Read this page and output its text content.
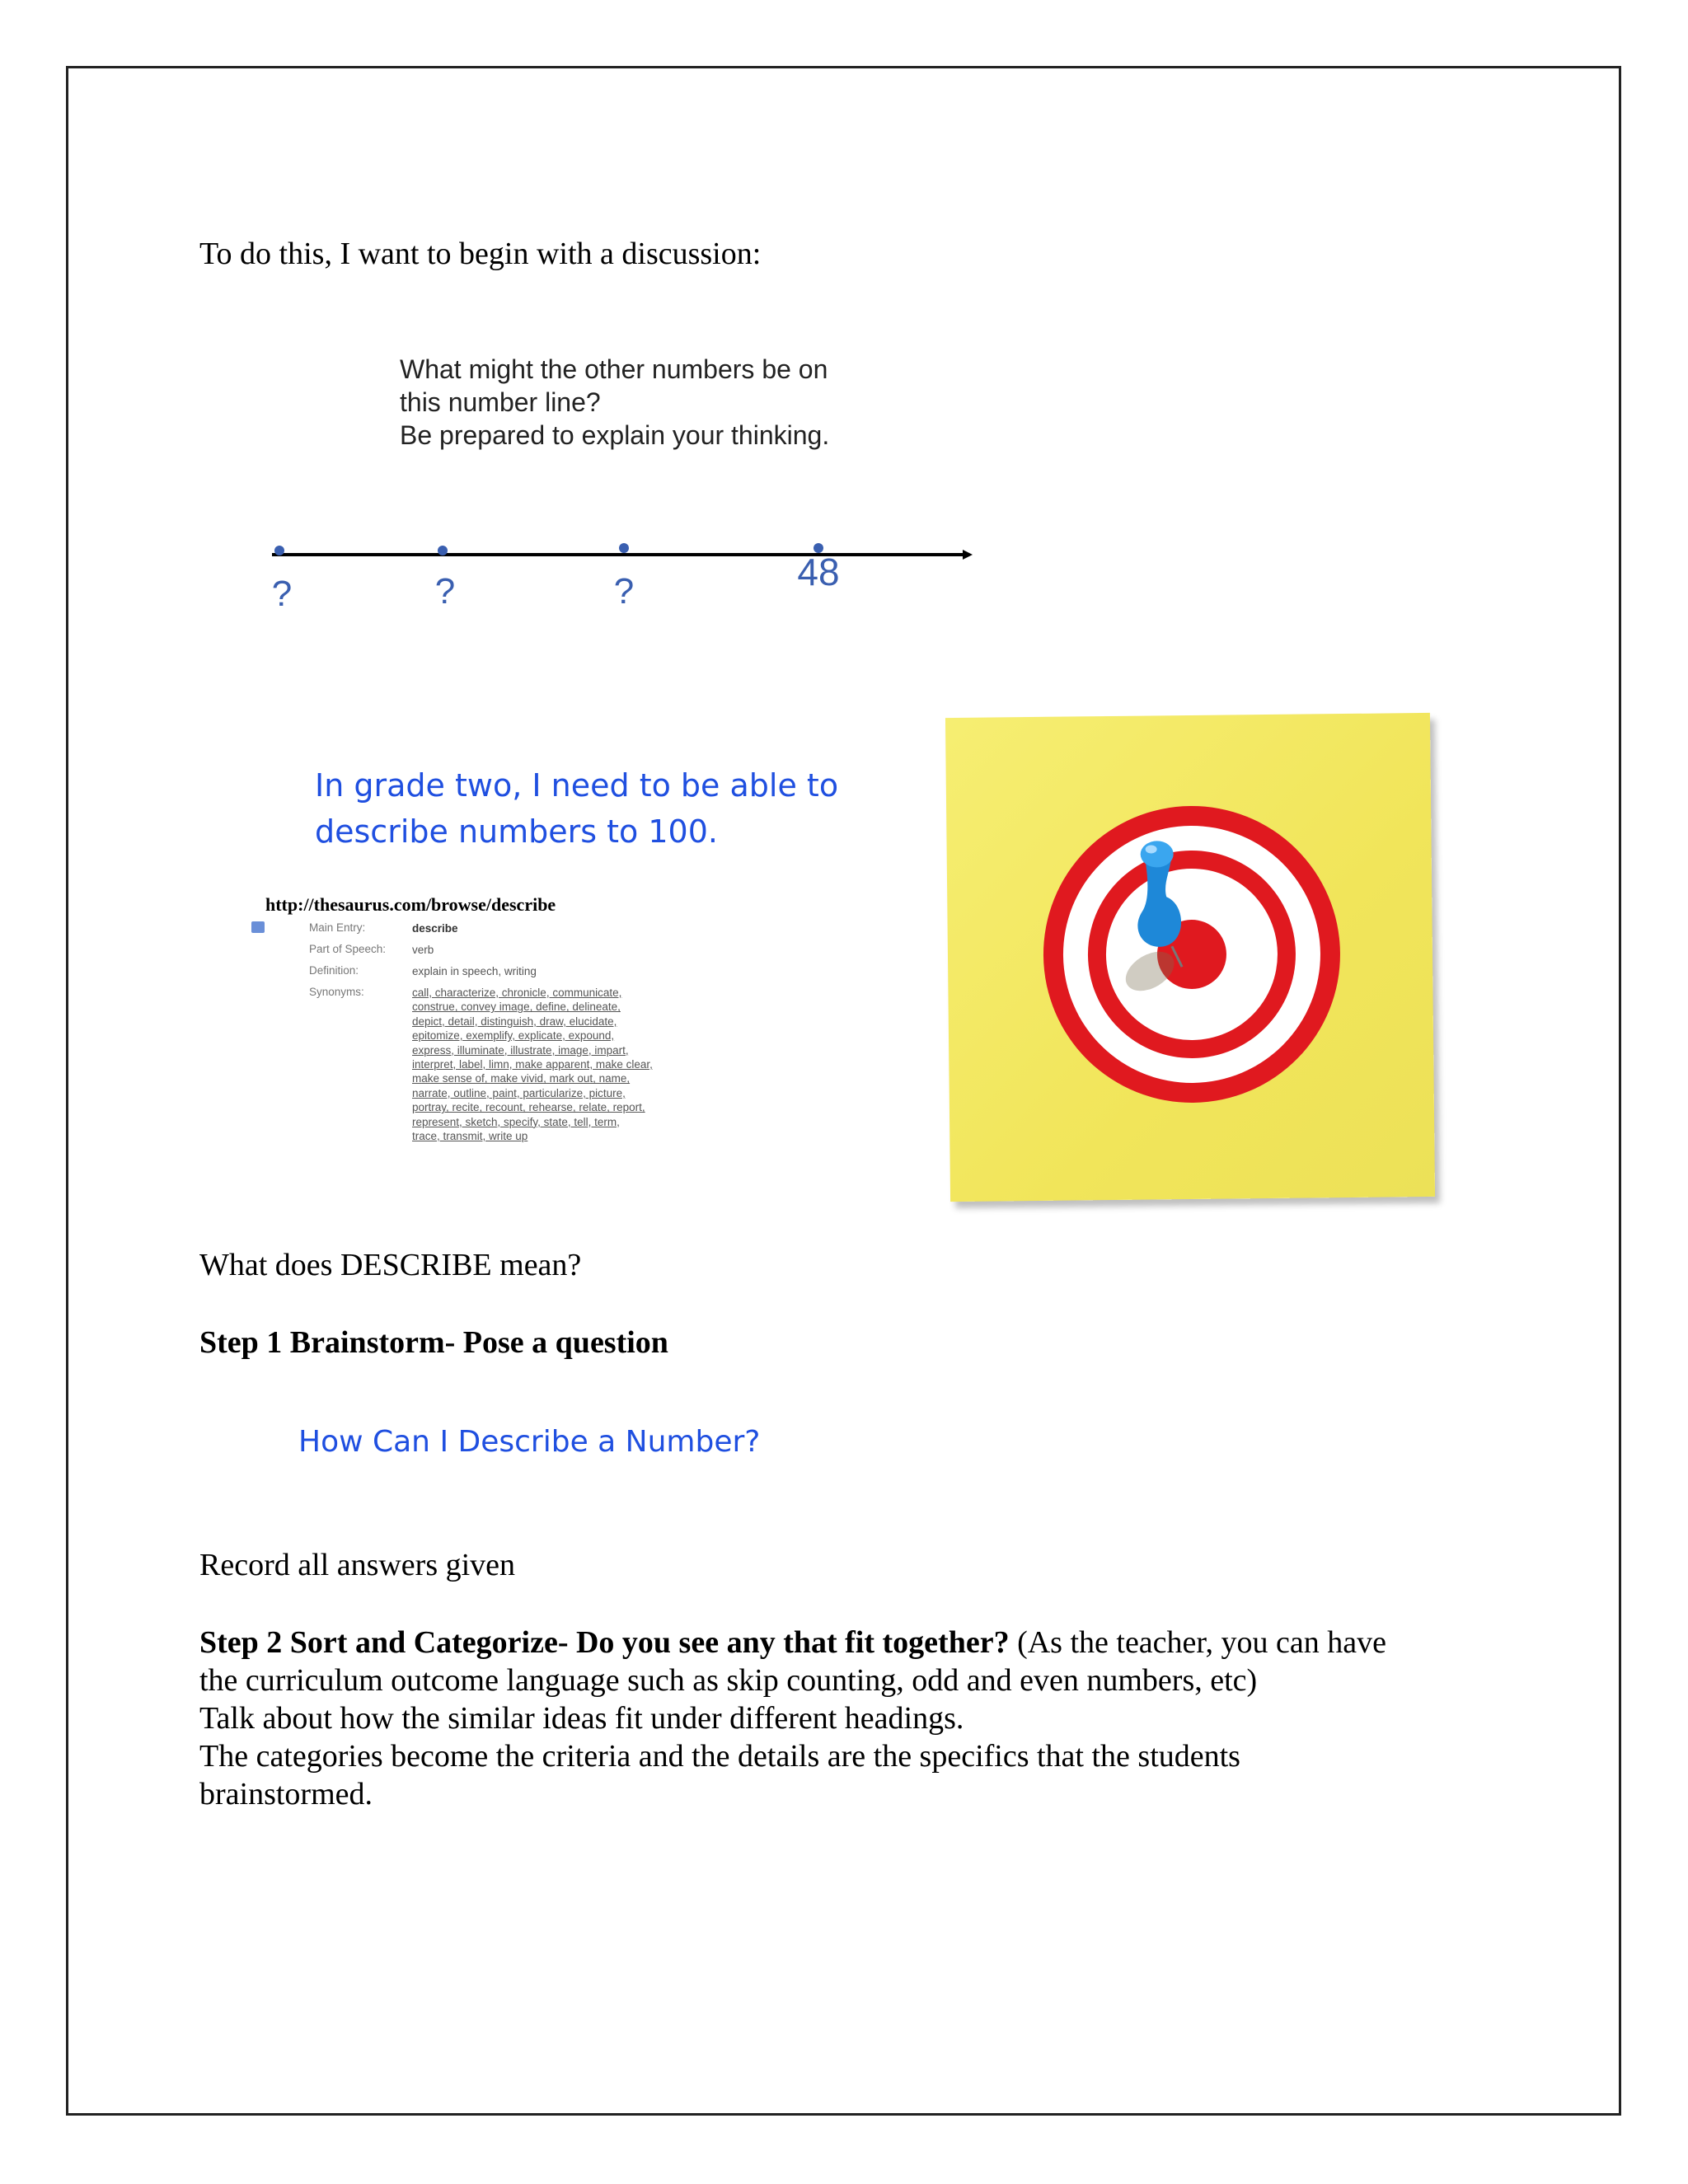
To do this, I want to begin with a discussion:
What might the other numbers be on
this number line?
Be prepared to explain your thinking.
?	?	?	48
In grade two, I need to be able to
describe numbers to 100.
http://thesaurus.com/browse/describe
Main Entry:	describe
Part of Speech:	verb
Definition:	explain in speech, writing
Synonyms:	call, characterize, chronicle, communicate,
construe, convey image, define, delineate,
depict, detail, distinguish, draw, elucidate,
epitomize, exemplify, explicate, expound,
express, illuminate, illustrate, image, impart,
interpret, label, limn, make apparent, make clear,
make sense of, make vivid, mark out, name,
narrate, outline, paint, particularize, picture,
portray, recite, recount, rehearse, relate, report,
represent, sketch, specify, state, tell, term,
trace, transmit, write up
What does DESCRIBE mean?
Step 1 Brainstorm- Pose a question
How Can I Describe a Number?
Record all answers given
Step 2 Sort and Categorize- Do you see any that fit together? (As the teacher, you can have
the curriculum outcome language such as skip counting, odd and even numbers, etc)
Talk about how the similar ideas fit under different headings.
The categories become the criteria and the details are the specifics that the students
brainstormed.
